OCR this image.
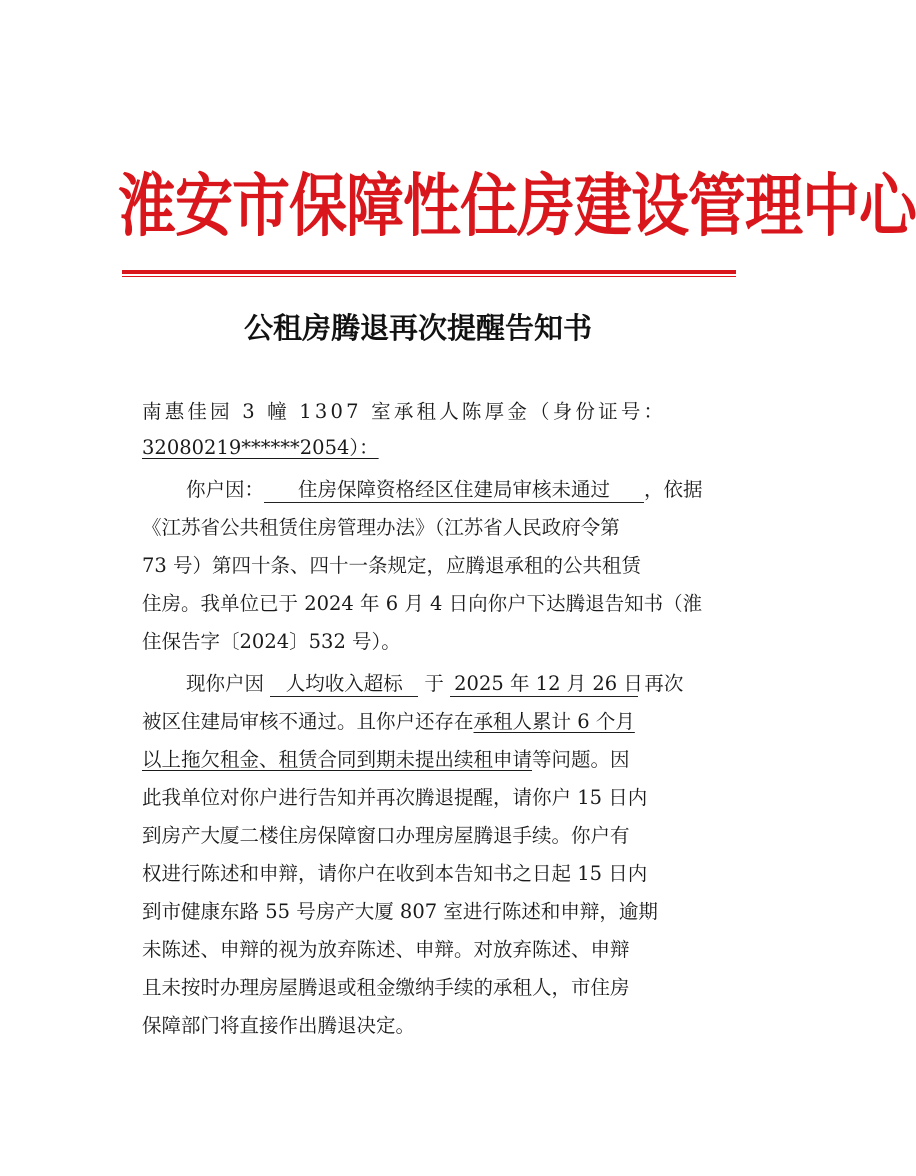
淮安市保障性住房建设管理中心
公租房腾退再次提醒告知书
南惠佳园 3 幢 1307 室承租人陈厚金（身份证号：
32080219******2054）：
你户因： 住房保障资格经区住建局审核未通过 ，依据
《江苏省公共租赁住房管理办法》（江苏省人民政府令第
73 号）第四十条、四十一条规定，应腾退承租的公共租赁
住房。我单位已于 2024 年 6 月 4 日向你户下达腾退告知书（淮
住保告字〔2024〕532 号）。
现你户因 人均收入超标 于 2025 年 12 月 26 日 再次
被区住建局审核不通过。且你户还存在承租人累计 6 个月
以上拖欠租金、租赁合同到期未提出续租申请等问题。因
此我单位对你户进行告知并再次腾退提醒，请你户 15 日内
到房产大厦二楼住房保障窗口办理房屋腾退手续。你户有
权进行陈述和申辩，请你户在收到本告知书之日起 15 日内
到市健康东路 55 号房产大厦 807 室进行陈述和申辩，逾期
未陈述、申辩的视为放弃陈述、申辩。对放弃陈述、申辩
且未按时办理房屋腾退或租金缴纳手续的承租人，市住房
保障部门将直接作出腾退决定。
